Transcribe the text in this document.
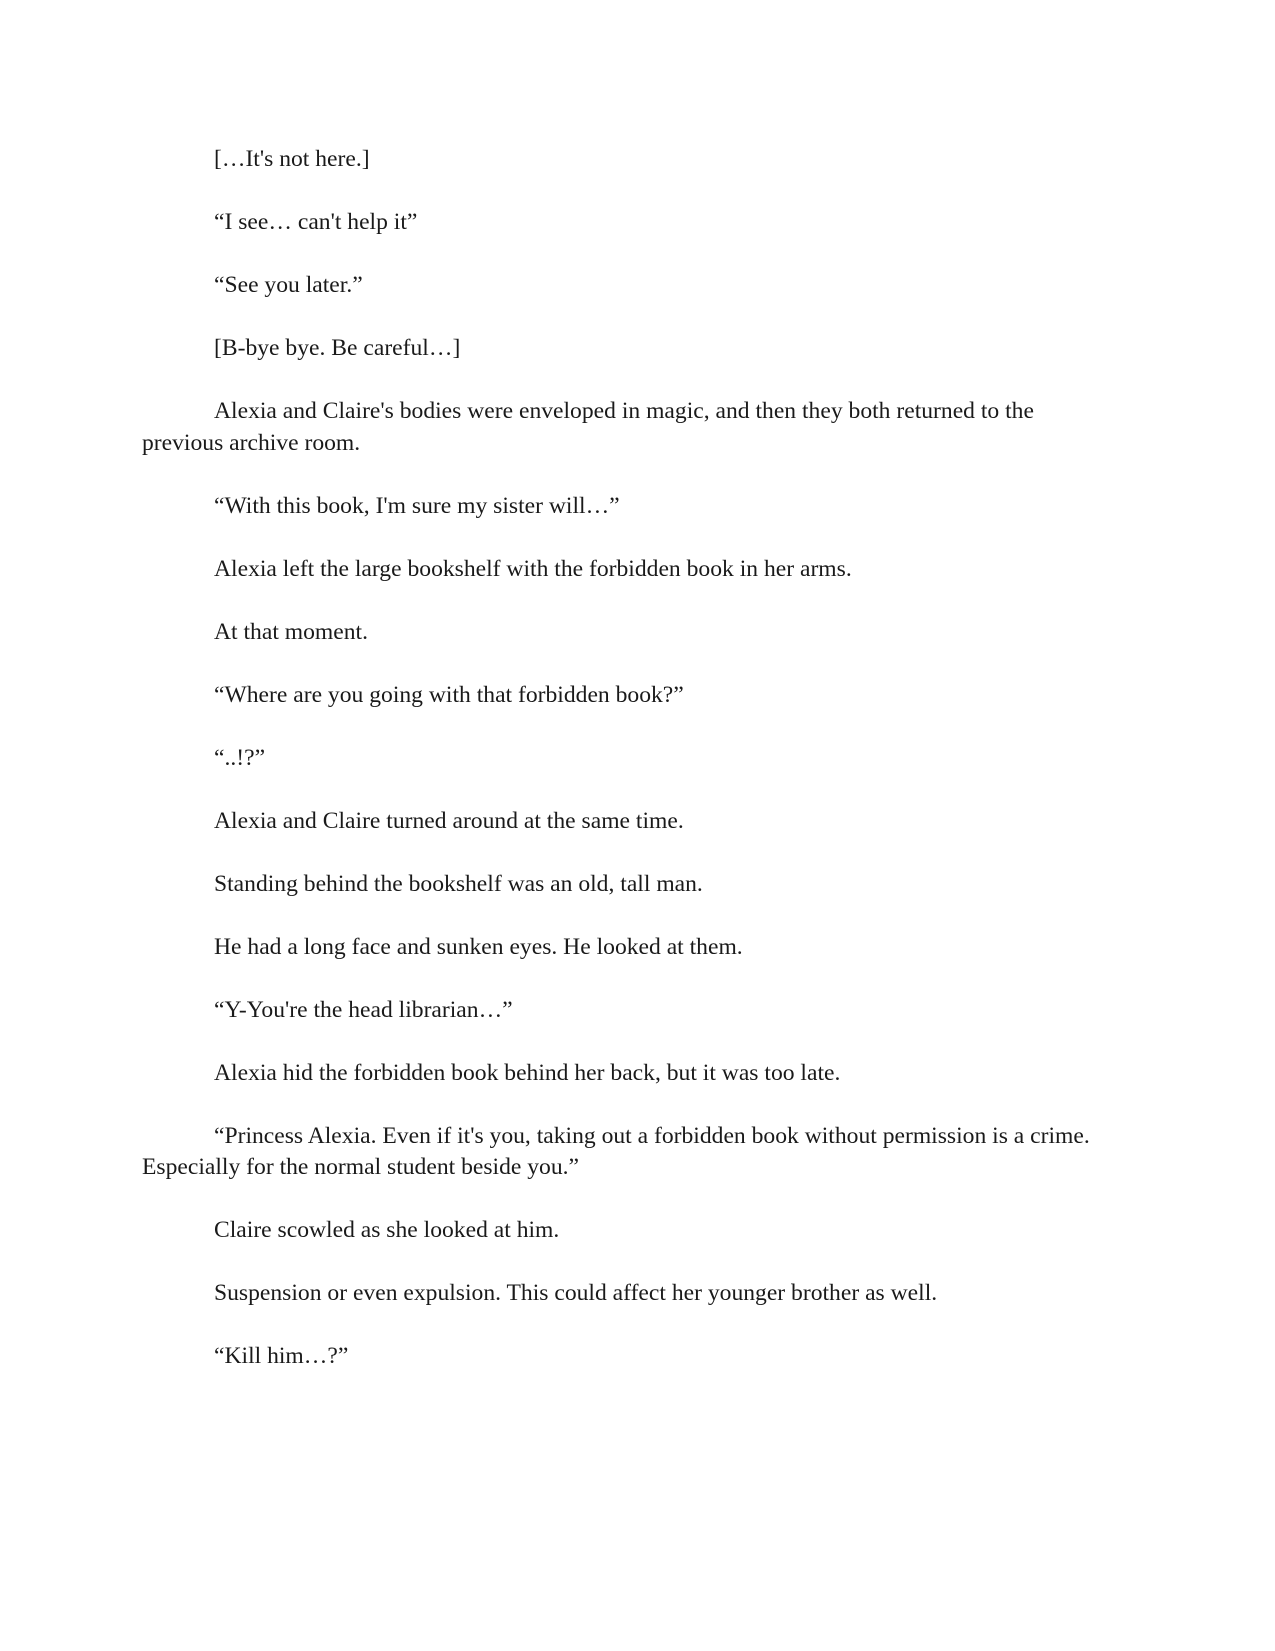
[…It's not here.]

“I see… can't help it”

“See you later.”

[B-bye bye. Be careful…]

Alexia and Claire's bodies were enveloped in magic, and then they both returned to the previous archive room.

“With this book, I'm sure my sister will…”

Alexia left the large bookshelf with the forbidden book in her arms.

At that moment.

“Where are you going with that forbidden book?”

“..!?”

Alexia and Claire turned around at the same time.

Standing behind the bookshelf was an old, tall man.

He had a long face and sunken eyes. He looked at them.

“Y-You're the head librarian…”

Alexia hid the forbidden book behind her back, but it was too late.

“Princess Alexia. Even if it's you, taking out a forbidden book without permission is a crime. Especially for the normal student beside you.”

Claire scowled as she looked at him.

Suspension or even expulsion. This could affect her younger brother as well.

“Kill him…?”
